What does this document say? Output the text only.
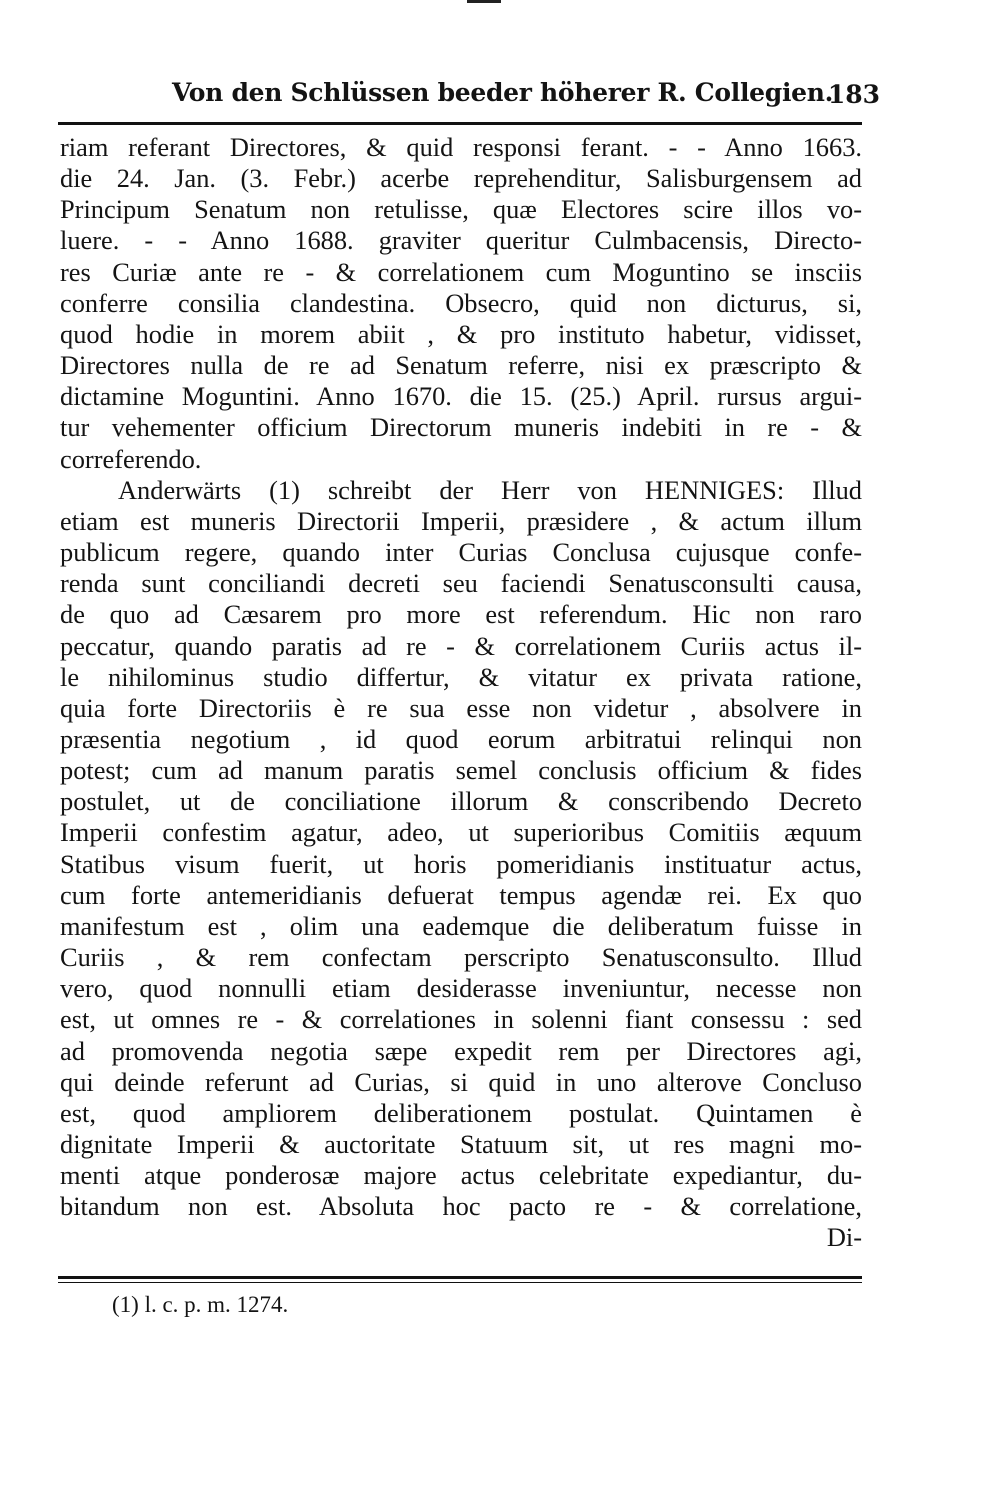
Von den Schlüssen beeder höherer R. Collegien.
183
riam referant Directores, & quid responsi ferant. - - Anno 1663.
die 24. Jan. (3. Febr.) acerbe reprehenditur, Salisburgensem ad
Principum Senatum non retulisse, quæ Electores scire illos vo-
luere. - - Anno 1688. graviter queritur Culmbacensis, Directo-
res Curiæ ante re - & correlationem cum Moguntino se insciis
conferre consilia clandestina. Obsecro, quid non dicturus, si,
quod hodie in morem abiit , & pro instituto habetur, vidisset,
Directores nulla de re ad Senatum referre, nisi ex præscripto &
dictamine Moguntini. Anno 1670. die 15. (25.) April. rursus argui-
tur vehementer officium Directorum muneris indebiti in re - &
correferendo.
Anderwärts (1) schreibt der Herr von HENNIGES: Illud
etiam est muneris Directorii Imperii, præsidere , & actum illum
publicum regere, quando inter Curias Conclusa cujusque confe-
renda sunt conciliandi decreti seu faciendi Senatusconsulti causa,
de quo ad Cæsarem pro more est referendum. Hic non raro
peccatur, quando paratis ad re - & correlationem Curiis actus il-
le nihilominus studio differtur, & vitatur ex privata ratione,
quia forte Directoriis è re sua esse non videtur , absolvere in
præsentia negotium , id quod eorum arbitratui relinqui non
potest; cum ad manum paratis semel conclusis officium & fides
postulet, ut de conciliatione illorum & conscribendo Decreto
Imperii confestim agatur, adeo, ut superioribus Comitiis æquum
Statibus visum fuerit, ut horis pomeridianis instituatur actus,
cum forte antemeridianis defuerat tempus agendæ rei. Ex quo
manifestum est , olim una eademque die deliberatum fuisse in
Curiis , & rem confectam perscripto Senatusconsulto. Illud
vero, quod nonnulli etiam desiderasse inveniuntur, necesse non
est, ut omnes re - & correlationes in solenni fiant consessu : sed
ad promovenda negotia sæpe expedit rem per Directores agi,
qui deinde referunt ad Curias, si quid in uno alterove Concluso
est, quod ampliorem deliberationem postulat. Quintamen è
dignitate Imperii & auctoritate Statuum sit, ut res magni mo-
menti atque ponderosæ majore actus celebritate expediantur, du-
bitandum non est. Absoluta hoc pacto re - & correlatione,
Di-
(1) l. c. p. m. 1274.
